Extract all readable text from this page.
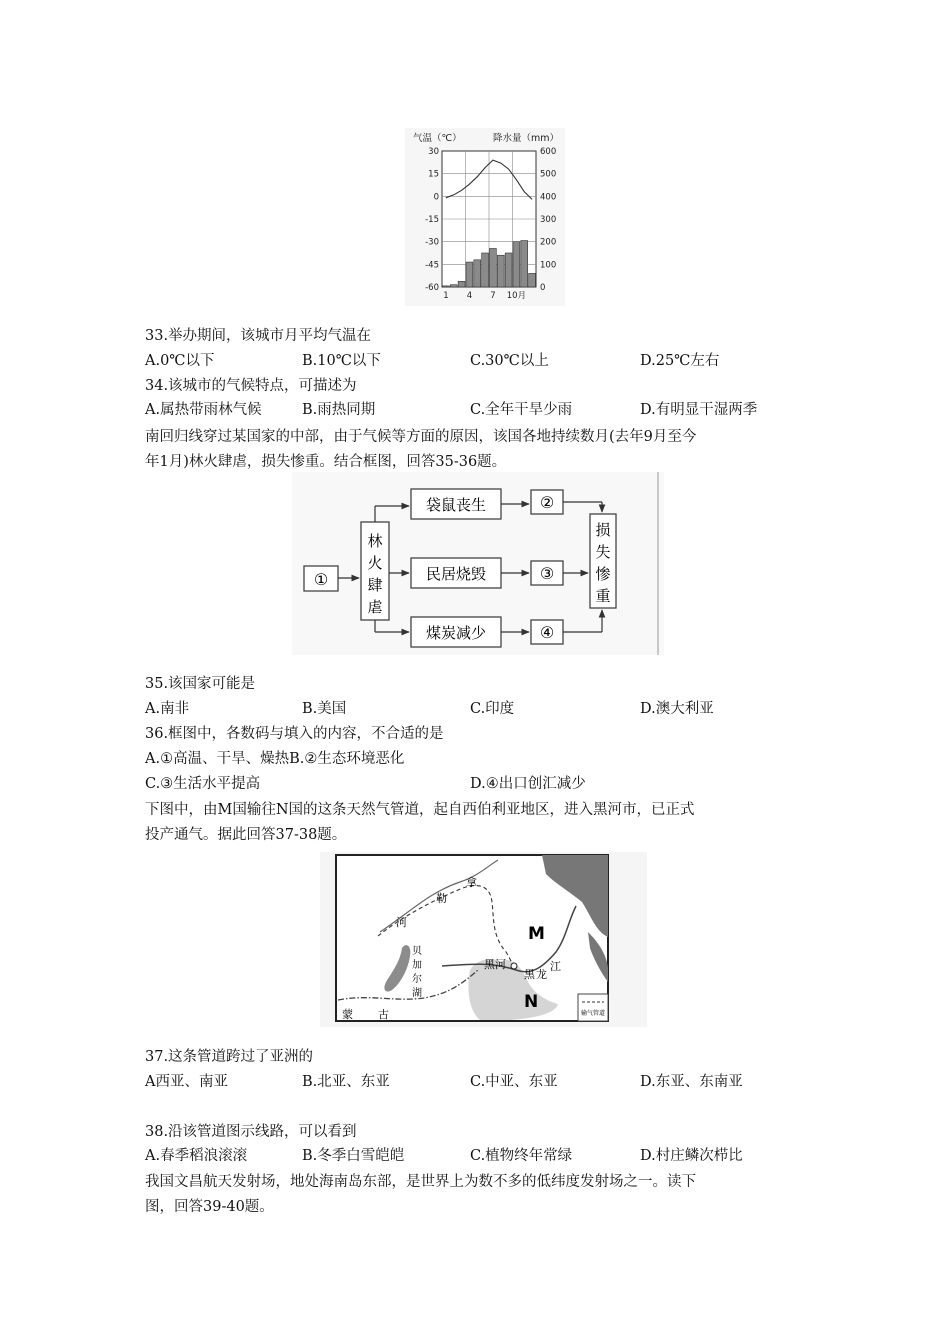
气温（℃）	降水量（mm）
30
15
0
-15
-30
-45
-60
600
500
400
300
200
100
0
1 4 7 10月
33.举办期间，该城市月平均气温在
A.0℃以下	B.10℃以下	C.30℃以上	D.25℃左右
34.该城市的气候特点，可描述为
A.属热带雨林气候	B.雨热同期	C.全年干旱少雨	D.有明显干湿两季
南回归线穿过某国家的中部，由于气候等方面的原因，该国各地持续数月(去年9月至今
年1月)林火肆虐，损失惨重。结合框图，回答35-36题。
①
林
火
肆
虐
袋鼠丧生
民居烧毁
煤炭减少
②
③
④
损
失
惨
重
35.该国家可能是
A.南非	B.美国	C.印度	D.澳大利亚
36.框图中，各数码与填入的内容，不合适的是
A.①高温、干旱、燥热B.②生态环境恶化
C.③生活水平提高	D.④出口创汇减少
下图中，由M国输往N国的这条天然气管道，起自西伯利亚地区，进入黑河市，已正式
投产通气。据此回答37-38题。
M
N
河
勒
拿
贝
加
尔
湖
黑河
黑 龙
江
蒙 古	输气管道
37.这条管道跨过了亚洲的
A西亚、南亚	B.北亚、东亚	C.中亚、东亚	D.东亚、东南亚
38.沿该管道图示线路，可以看到
A.春季稻浪滚滚	B.冬季白雪皑皑	C.植物终年常绿	D.村庄鳞次栉比
我国文昌航天发射场，地处海南岛东部，是世界上为数不多的低纬度发射场之一。读下
图，回答39-40题。
